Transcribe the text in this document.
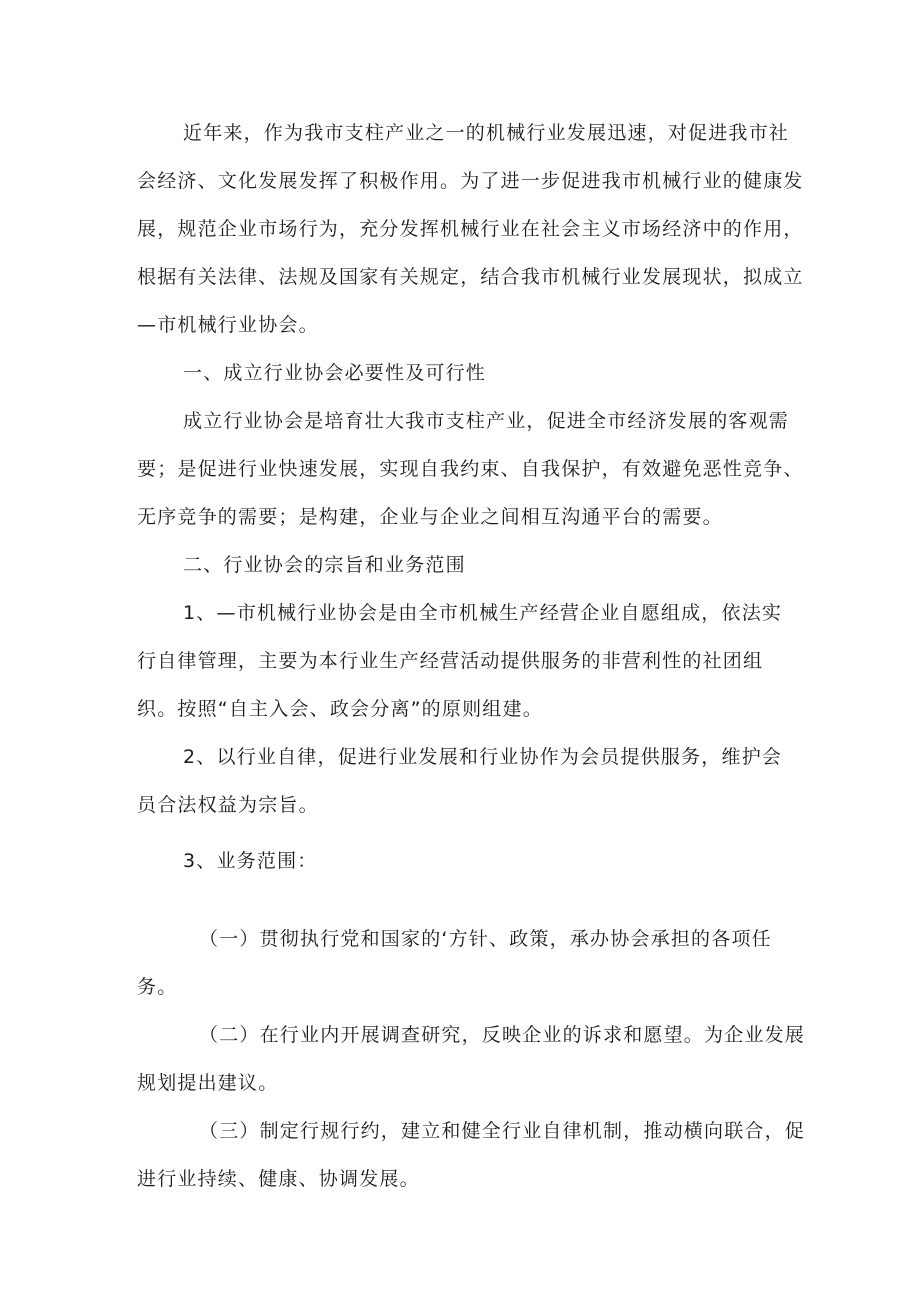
近年来，作为我市支柱产业之一的机械行业发展迅速，对促进我市社

会经济、文化发展发挥了积极作用。为了进一步促进我市机械行业的健康发

展，规范企业市场行为，充分发挥机械行业在社会主义市场经济中的作用，

根据有关法律、法规及国家有关规定，结合我市机械行业发展现状，拟成立

—市机械行业协会。

一、成立行业协会必要性及可行性

成立行业协会是培育壮大我市支柱产业，促进全市经济发展的客观需

要；是促进行业快速发展，实现自我约束、自我保护，有效避免恶性竞争、

无序竞争的需要；是构建，企业与企业之间相互沟通平台的需要。

二、行业协会的宗旨和业务范围

1、—市机械行业协会是由全市机械生产经营企业自愿组成，依法实

行自律管理，主要为本行业生产经营活动提供服务的非营利性的社团组

织。按照“自主入会、政会分离”的原则组建。

2、以行业自律，促进行业发展和行业协作为会员提供服务，维护会

员合法权益为宗旨。

3、业务范围：

（一）贯彻执行党和国家的‘方针、政策，承办协会承担的各项任

务。

（二）在行业内开展调查研究，反映企业的诉求和愿望。为企业发展

规划提出建议。

（三）制定行规行约，建立和健全行业自律机制，推动横向联合，促

进行业持续、健康、协调发展。
